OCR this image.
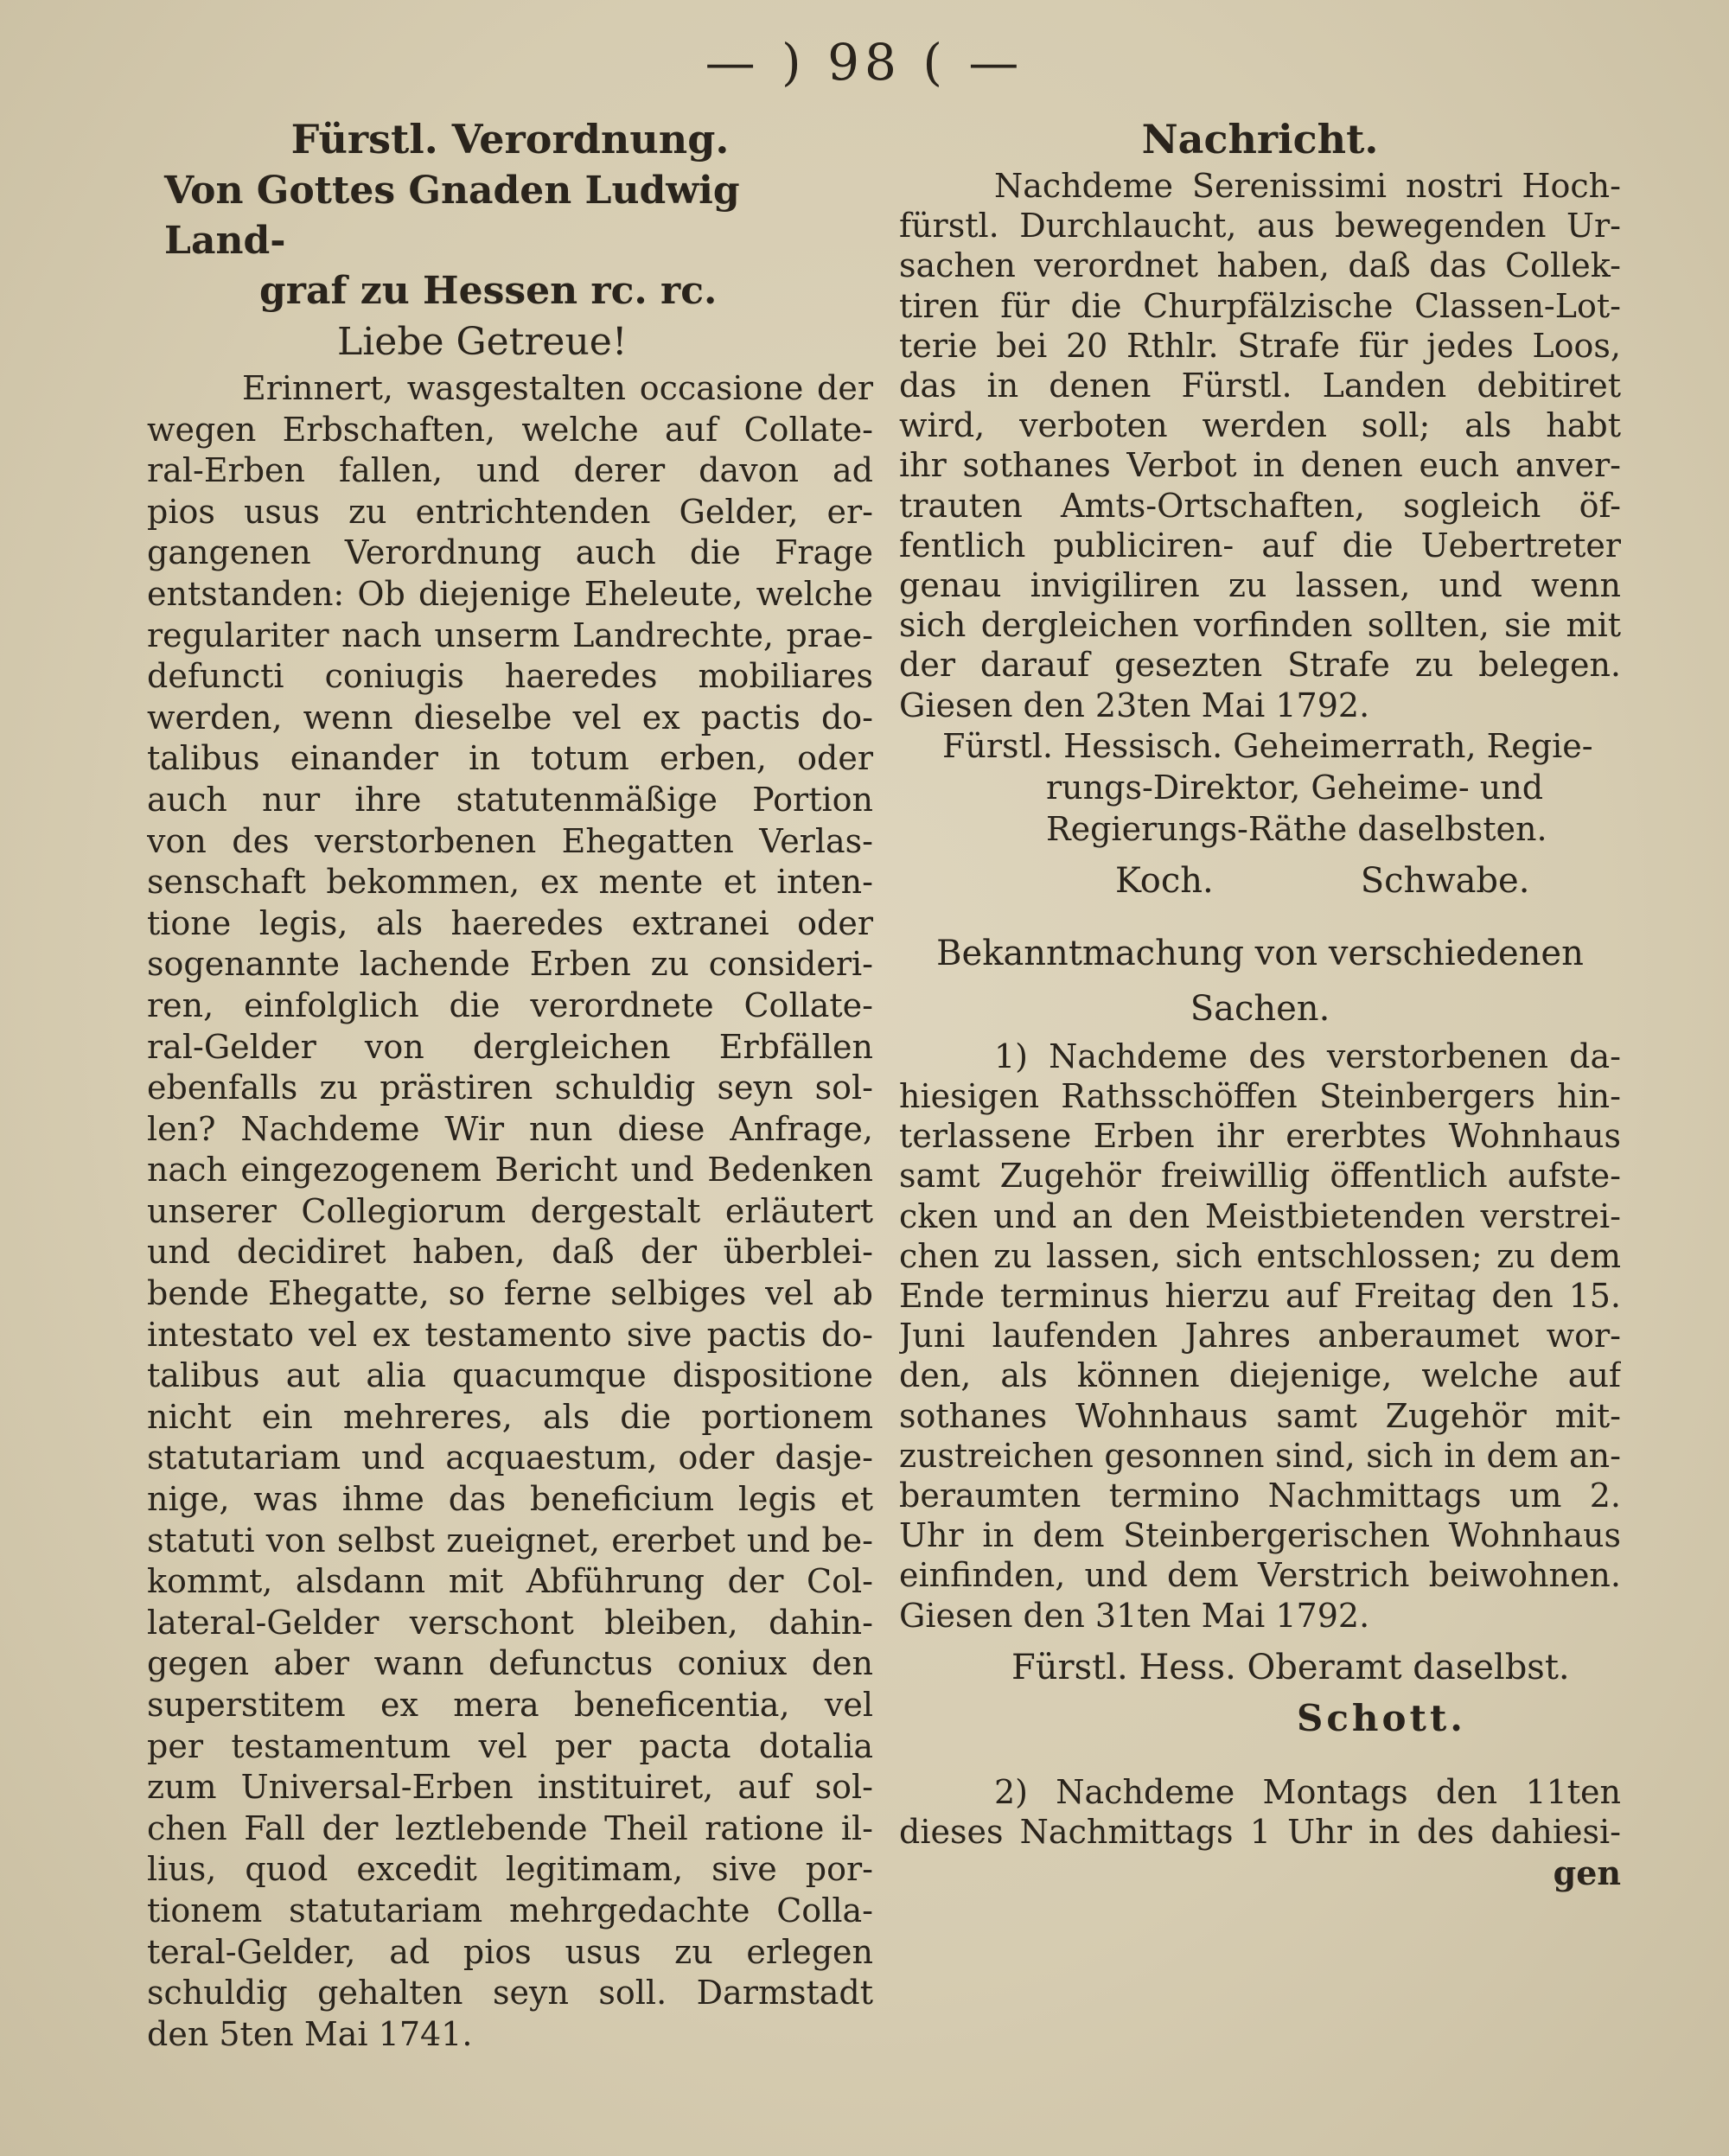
— ) 98 ( —
Fürstl. Verordnung.
Von Gottes Gnaden Ludwig Land-
graf zu Hessen rc. rc.
Liebe Getreue!
Erinnert, wasgestalten occasione der
wegen Erbschaften, welche auf Collate-
ral-Erben fallen, und derer davon ad
pios usus zu entrichtenden Gelder, er-
gangenen Verordnung auch die Frage
entstanden: Ob diejenige Eheleute, welche
regulariter nach unserm Landrechte, prae-
defuncti coniugis haeredes mobiliares
werden, wenn dieselbe vel ex pactis do-
talibus einander in totum erben, oder
auch nur ihre statutenmäßige Portion
von des verstorbenen Ehegatten Verlas-
senschaft bekommen, ex mente et inten-
tione legis, als haeredes extranei oder
sogenannte lachende Erben zu consideri-
ren, einfolglich die verordnete Collate-
ral-Gelder von dergleichen Erbfällen
ebenfalls zu prästiren schuldig seyn sol-
len? Nachdeme Wir nun diese Anfrage,
nach eingezogenem Bericht und Bedenken
unserer Collegiorum dergestalt erläutert
und decidiret haben, daß der überblei-
bende Ehegatte, so ferne selbiges vel ab
intestato vel ex testamento sive pactis do-
talibus aut alia quacumque dispositione
nicht ein mehreres, als die portionem
statutariam und acquaestum, oder dasje-
nige, was ihme das beneficium legis et
statuti von selbst zueignet, ererbet und be-
kommt, alsdann mit Abführung der Col-
lateral-Gelder verschont bleiben, dahin-
gegen aber wann defunctus coniux den
superstitem ex mera beneficentia, vel
per testamentum vel per pacta dotalia
zum Universal-Erben instituiret, auf sol-
chen Fall der leztlebende Theil ratione il-
lius, quod excedit legitimam, sive por-
tionem statutariam mehrgedachte Colla-
teral-Gelder, ad pios usus zu erlegen
schuldig gehalten seyn soll. Darmstadt
den 5ten Mai 1741.
Nachricht.
Nachdeme Serenissimi nostri Hoch-
fürstl. Durchlaucht, aus bewegenden Ur-
sachen verordnet haben, daß das Collek-
tiren für die Churpfälzische Classen-Lot-
terie bei 20 Rthlr. Strafe für jedes Loos,
das in denen Fürstl. Landen debitiret
wird, verboten werden soll; als habt
ihr sothanes Verbot in denen euch anver-
trauten Amts-Ortschaften, sogleich öf-
fentlich publiciren- auf die Uebertreter
genau invigiliren zu lassen, und wenn
sich dergleichen vorfinden sollten, sie mit
der darauf gesezten Strafe zu belegen.
Giesen den 23ten Mai 1792.
Fürstl. Hessisch. Geheimerrath, Regie-
rungs-Direktor, Geheime- und
Regierungs-Räthe daselbsten.
Koch.	Schwabe.
Bekanntmachung von verschiedenen
Sachen.
1) Nachdeme des verstorbenen da-
hiesigen Rathsschöffen Steinbergers hin-
terlassene Erben ihr ererbtes Wohnhaus
samt Zugehör freiwillig öffentlich aufste-
cken und an den Meistbietenden verstrei-
chen zu lassen, sich entschlossen; zu dem
Ende terminus hierzu auf Freitag den 15.
Juni laufenden Jahres anberaumet wor-
den, als können diejenige, welche auf
sothanes Wohnhaus samt Zugehör mit-
zustreichen gesonnen sind, sich in dem an-
beraumten termino Nachmittags um 2.
Uhr in dem Steinbergerischen Wohnhaus
einfinden, und dem Verstrich beiwohnen.
Giesen den 31ten Mai 1792.
Fürstl. Hess. Oberamt daselbst.
Schott.
2) Nachdeme Montags den 11ten
dieses Nachmittags 1 Uhr in des dahiesi-
gen
